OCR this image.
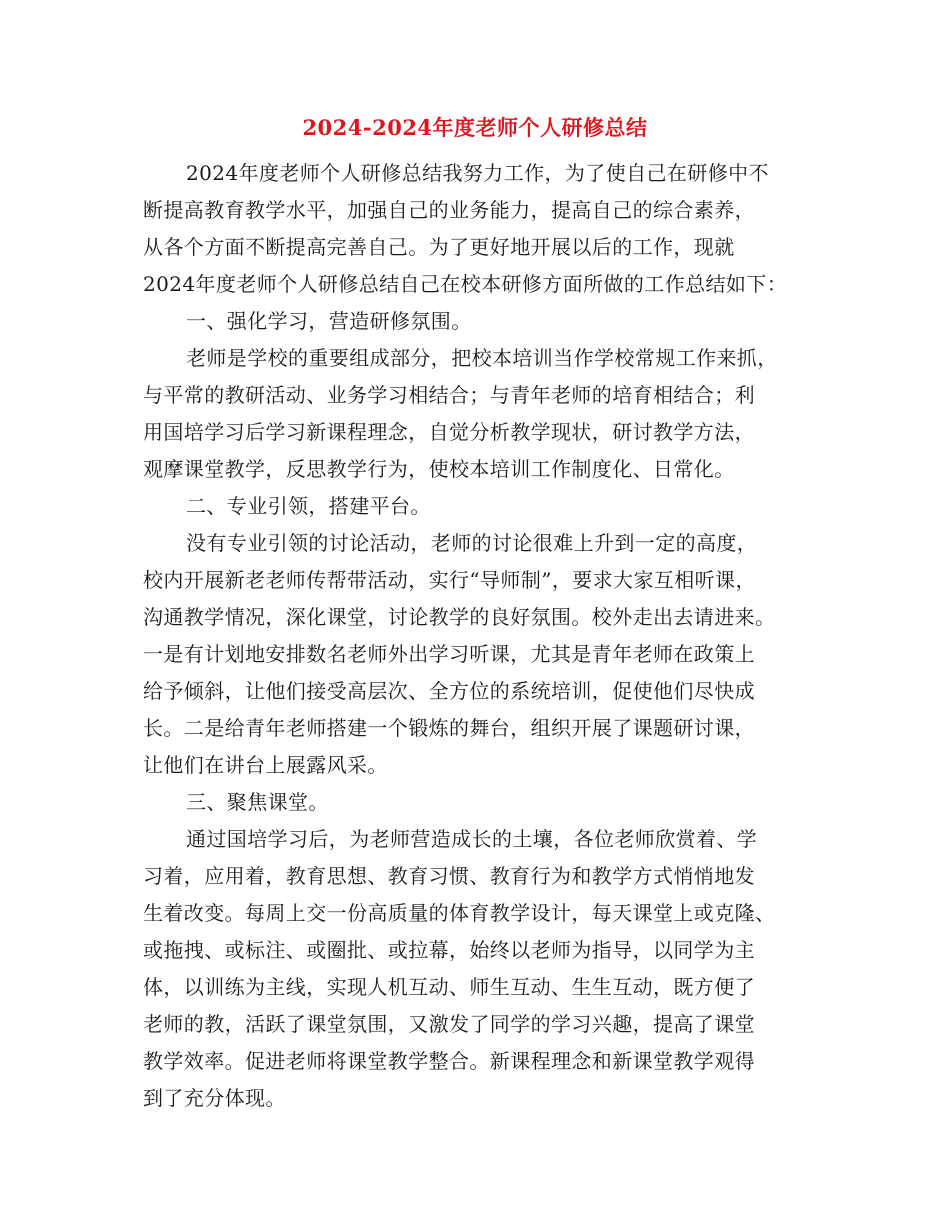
2024-2024年度老师个人研修总结
2024年度老师个人研修总结我努力工作，为了使自己在研修中不
断提高教育教学水平，加强自己的业务能力，提高自己的综合素养，
从各个方面不断提高完善自己。为了更好地开展以后的工作，现就
2024年度老师个人研修总结自己在校本研修方面所做的工作总结如下：
一、强化学习，营造研修氛围。
老师是学校的重要组成部分，把校本培训当作学校常规工作来抓，
与平常的教研活动、业务学习相结合；与青年老师的培育相结合；利
用国培学习后学习新课程理念，自觉分析教学现状，研讨教学方法，
观摩课堂教学，反思教学行为，使校本培训工作制度化、日常化。
二、专业引领，搭建平台。
没有专业引领的讨论活动，老师的讨论很难上升到一定的高度，
校内开展新老老师传帮带活动，实行“导师制”，要求大家互相听课，
沟通教学情况，深化课堂，讨论教学的良好氛围。校外走出去请进来。
一是有计划地安排数名老师外出学习听课，尤其是青年老师在政策上
给予倾斜，让他们接受高层次、全方位的系统培训，促使他们尽快成
长。二是给青年老师搭建一个锻炼的舞台，组织开展了课题研讨课，
让他们在讲台上展露风采。
三、聚焦课堂。
通过国培学习后，为老师营造成长的土壤，各位老师欣赏着、学
习着，应用着，教育思想、教育习惯、教育行为和教学方式悄悄地发
生着改变。每周上交一份高质量的体育教学设计，每天课堂上或克隆、
或拖拽、或标注、或圈批、或拉幕，始终以老师为指导，以同学为主
体，以训练为主线，实现人机互动、师生互动、生生互动，既方便了
老师的教，活跃了课堂氛围，又激发了同学的学习兴趣，提高了课堂
教学效率。促进老师将课堂教学整合。新课程理念和新课堂教学观得
到了充分体现。
